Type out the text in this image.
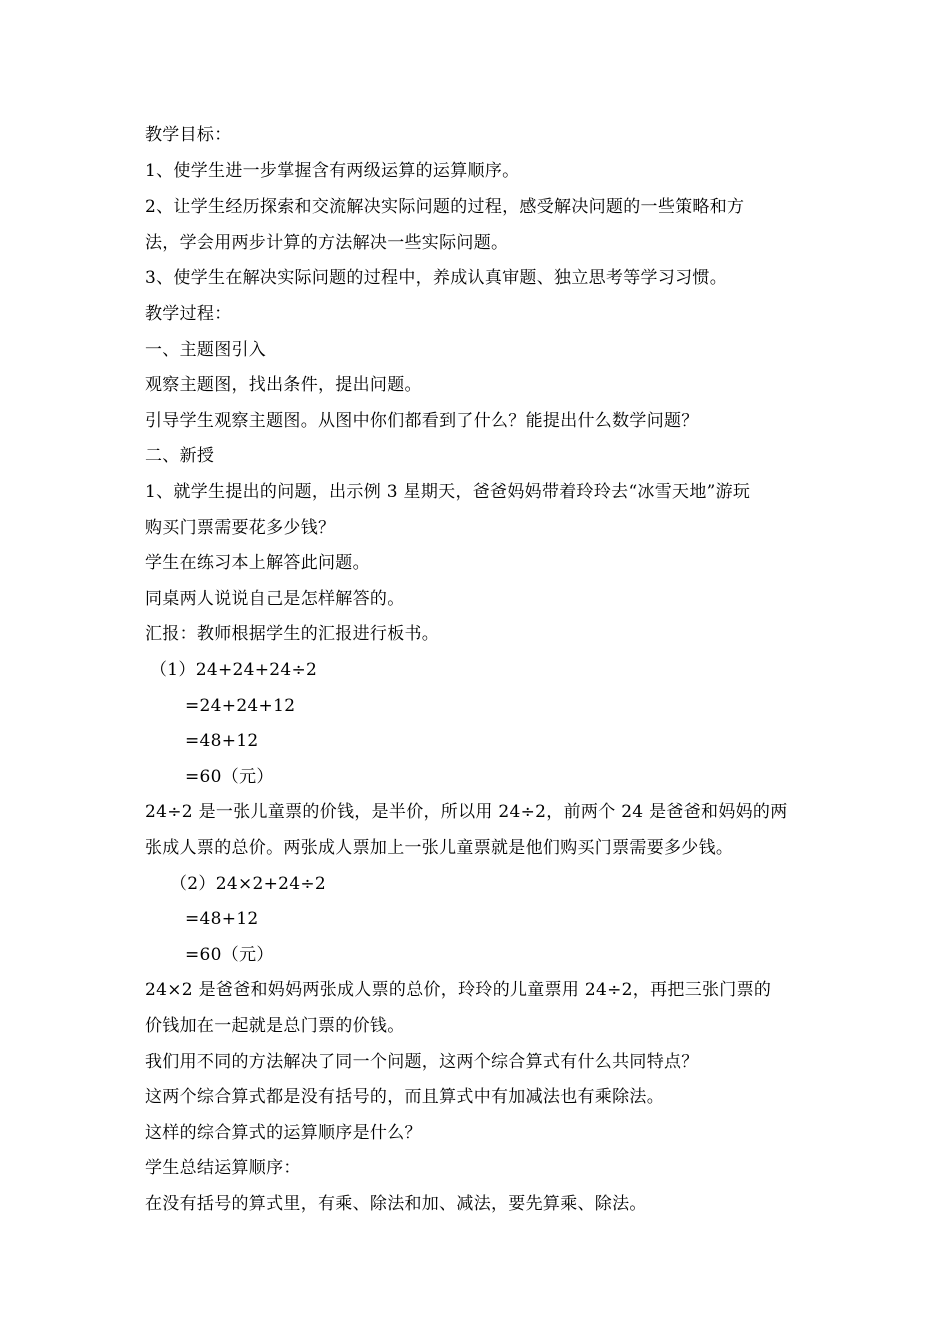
教学目标：
1、使学生进一步掌握含有两级运算的运算顺序。
2、让学生经历探索和交流解决实际问题的过程，感受解决问题的一些策略和方
法，学会用两步计算的方法解决一些实际问题。
3、使学生在解决实际问题的过程中，养成认真审题、独立思考等学习习惯。
教学过程：
一、主题图引入
观察主题图，找出条件，提出问题。
引导学生观察主题图。从图中你们都看到了什么？能提出什么数学问题？
二、新授
1、就学生提出的问题，出示例 3 星期天，爸爸妈妈带着玲玲去“冰雪天地”游玩
购买门票需要花多少钱？
学生在练习本上解答此问题。
同桌两人说说自己是怎样解答的。
汇报：教师根据学生的汇报进行板书。
（1）24+24+24÷2
=24+24+12
=48+12
=60（元）
24÷2 是一张儿童票的价钱，是半价，所以用 24÷2，前两个 24 是爸爸和妈妈的两
张成人票的总价。两张成人票加上一张儿童票就是他们购买门票需要多少钱。
（2）24×2+24÷2
=48+12
=60（元）
24×2 是爸爸和妈妈两张成人票的总价，玲玲的儿童票用 24÷2，再把三张门票的
价钱加在一起就是总门票的价钱。
我们用不同的方法解决了同一个问题，这两个综合算式有什么共同特点？
这两个综合算式都是没有括号的，而且算式中有加减法也有乘除法。
这样的综合算式的运算顺序是什么？
学生总结运算顺序：
在没有括号的算式里，有乘、除法和加、减法，要先算乘、除法。
